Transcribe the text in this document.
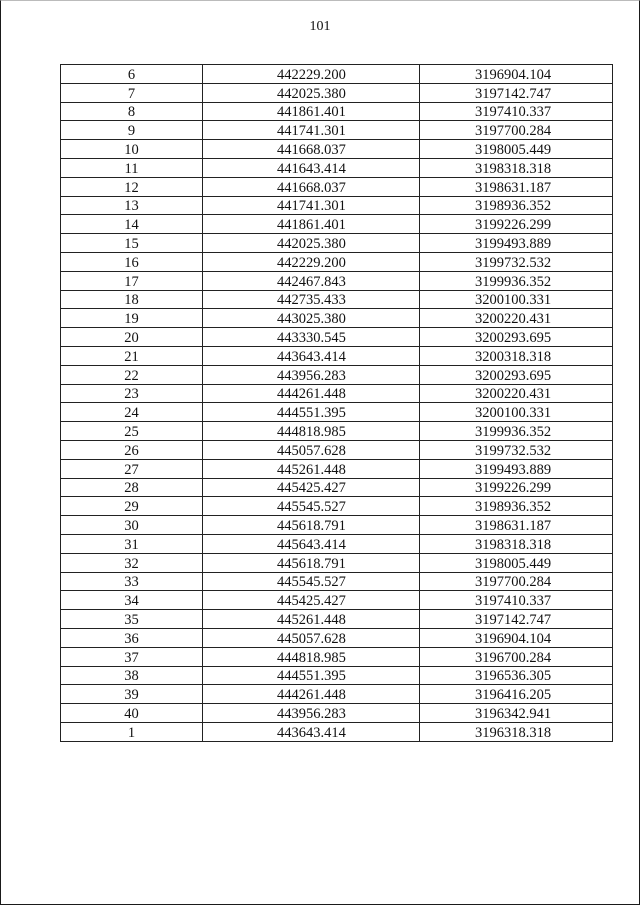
101
6	442229.200	3196904.104
7	442025.380	3197142.747
8	441861.401	3197410.337
9	441741.301	3197700.284
10	441668.037	3198005.449
11	441643.414	3198318.318
12	441668.037	3198631.187
13	441741.301	3198936.352
14	441861.401	3199226.299
15	442025.380	3199493.889
16	442229.200	3199732.532
17	442467.843	3199936.352
18	442735.433	3200100.331
19	443025.380	3200220.431
20	443330.545	3200293.695
21	443643.414	3200318.318
22	443956.283	3200293.695
23	444261.448	3200220.431
24	444551.395	3200100.331
25	444818.985	3199936.352
26	445057.628	3199732.532
27	445261.448	3199493.889
28	445425.427	3199226.299
29	445545.527	3198936.352
30	445618.791	3198631.187
31	445643.414	3198318.318
32	445618.791	3198005.449
33	445545.527	3197700.284
34	445425.427	3197410.337
35	445261.448	3197142.747
36	445057.628	3196904.104
37	444818.985	3196700.284
38	444551.395	3196536.305
39	444261.448	3196416.205
40	443956.283	3196342.941
1	443643.414	3196318.318
